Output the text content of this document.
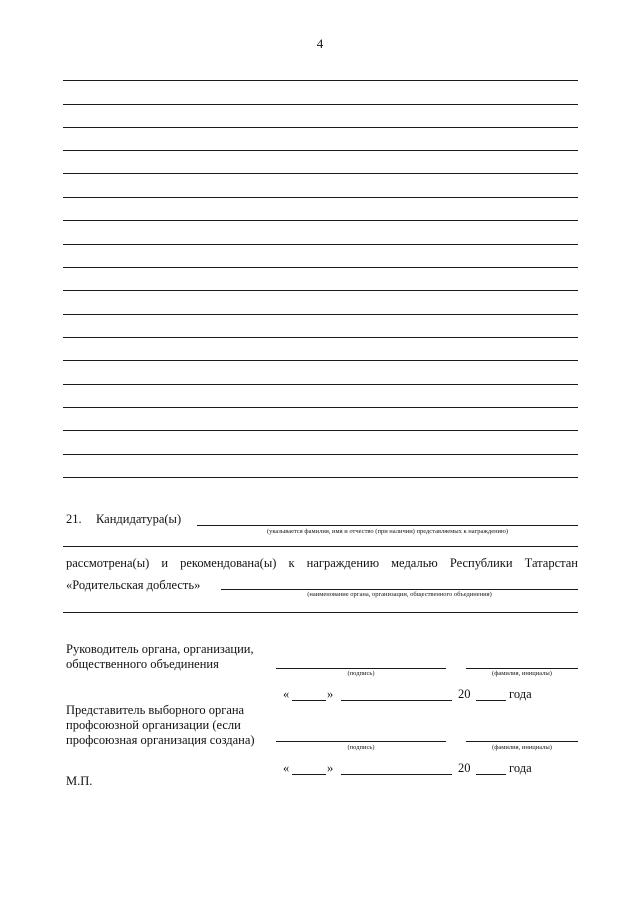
4
21. Кандидатура(ы)
(указывается фамилия, имя и отчество (при наличии) представляемых к награждению)
рассмотрена(ы) и рекомендована(ы) к награждению медалью Республики Татарстан
«Родительская доблесть»
(наименование органа, организации, общественного объединения)
Руководитель органа, организации, общественного объединения
(подпись)	(фамилия, инициалы)
«	»	20	года
Представитель выборного органа профсоюзной организации (если профсоюзная организация создана)
(подпись)	(фамилия, инициалы)
«	»	20	года
М.П.
